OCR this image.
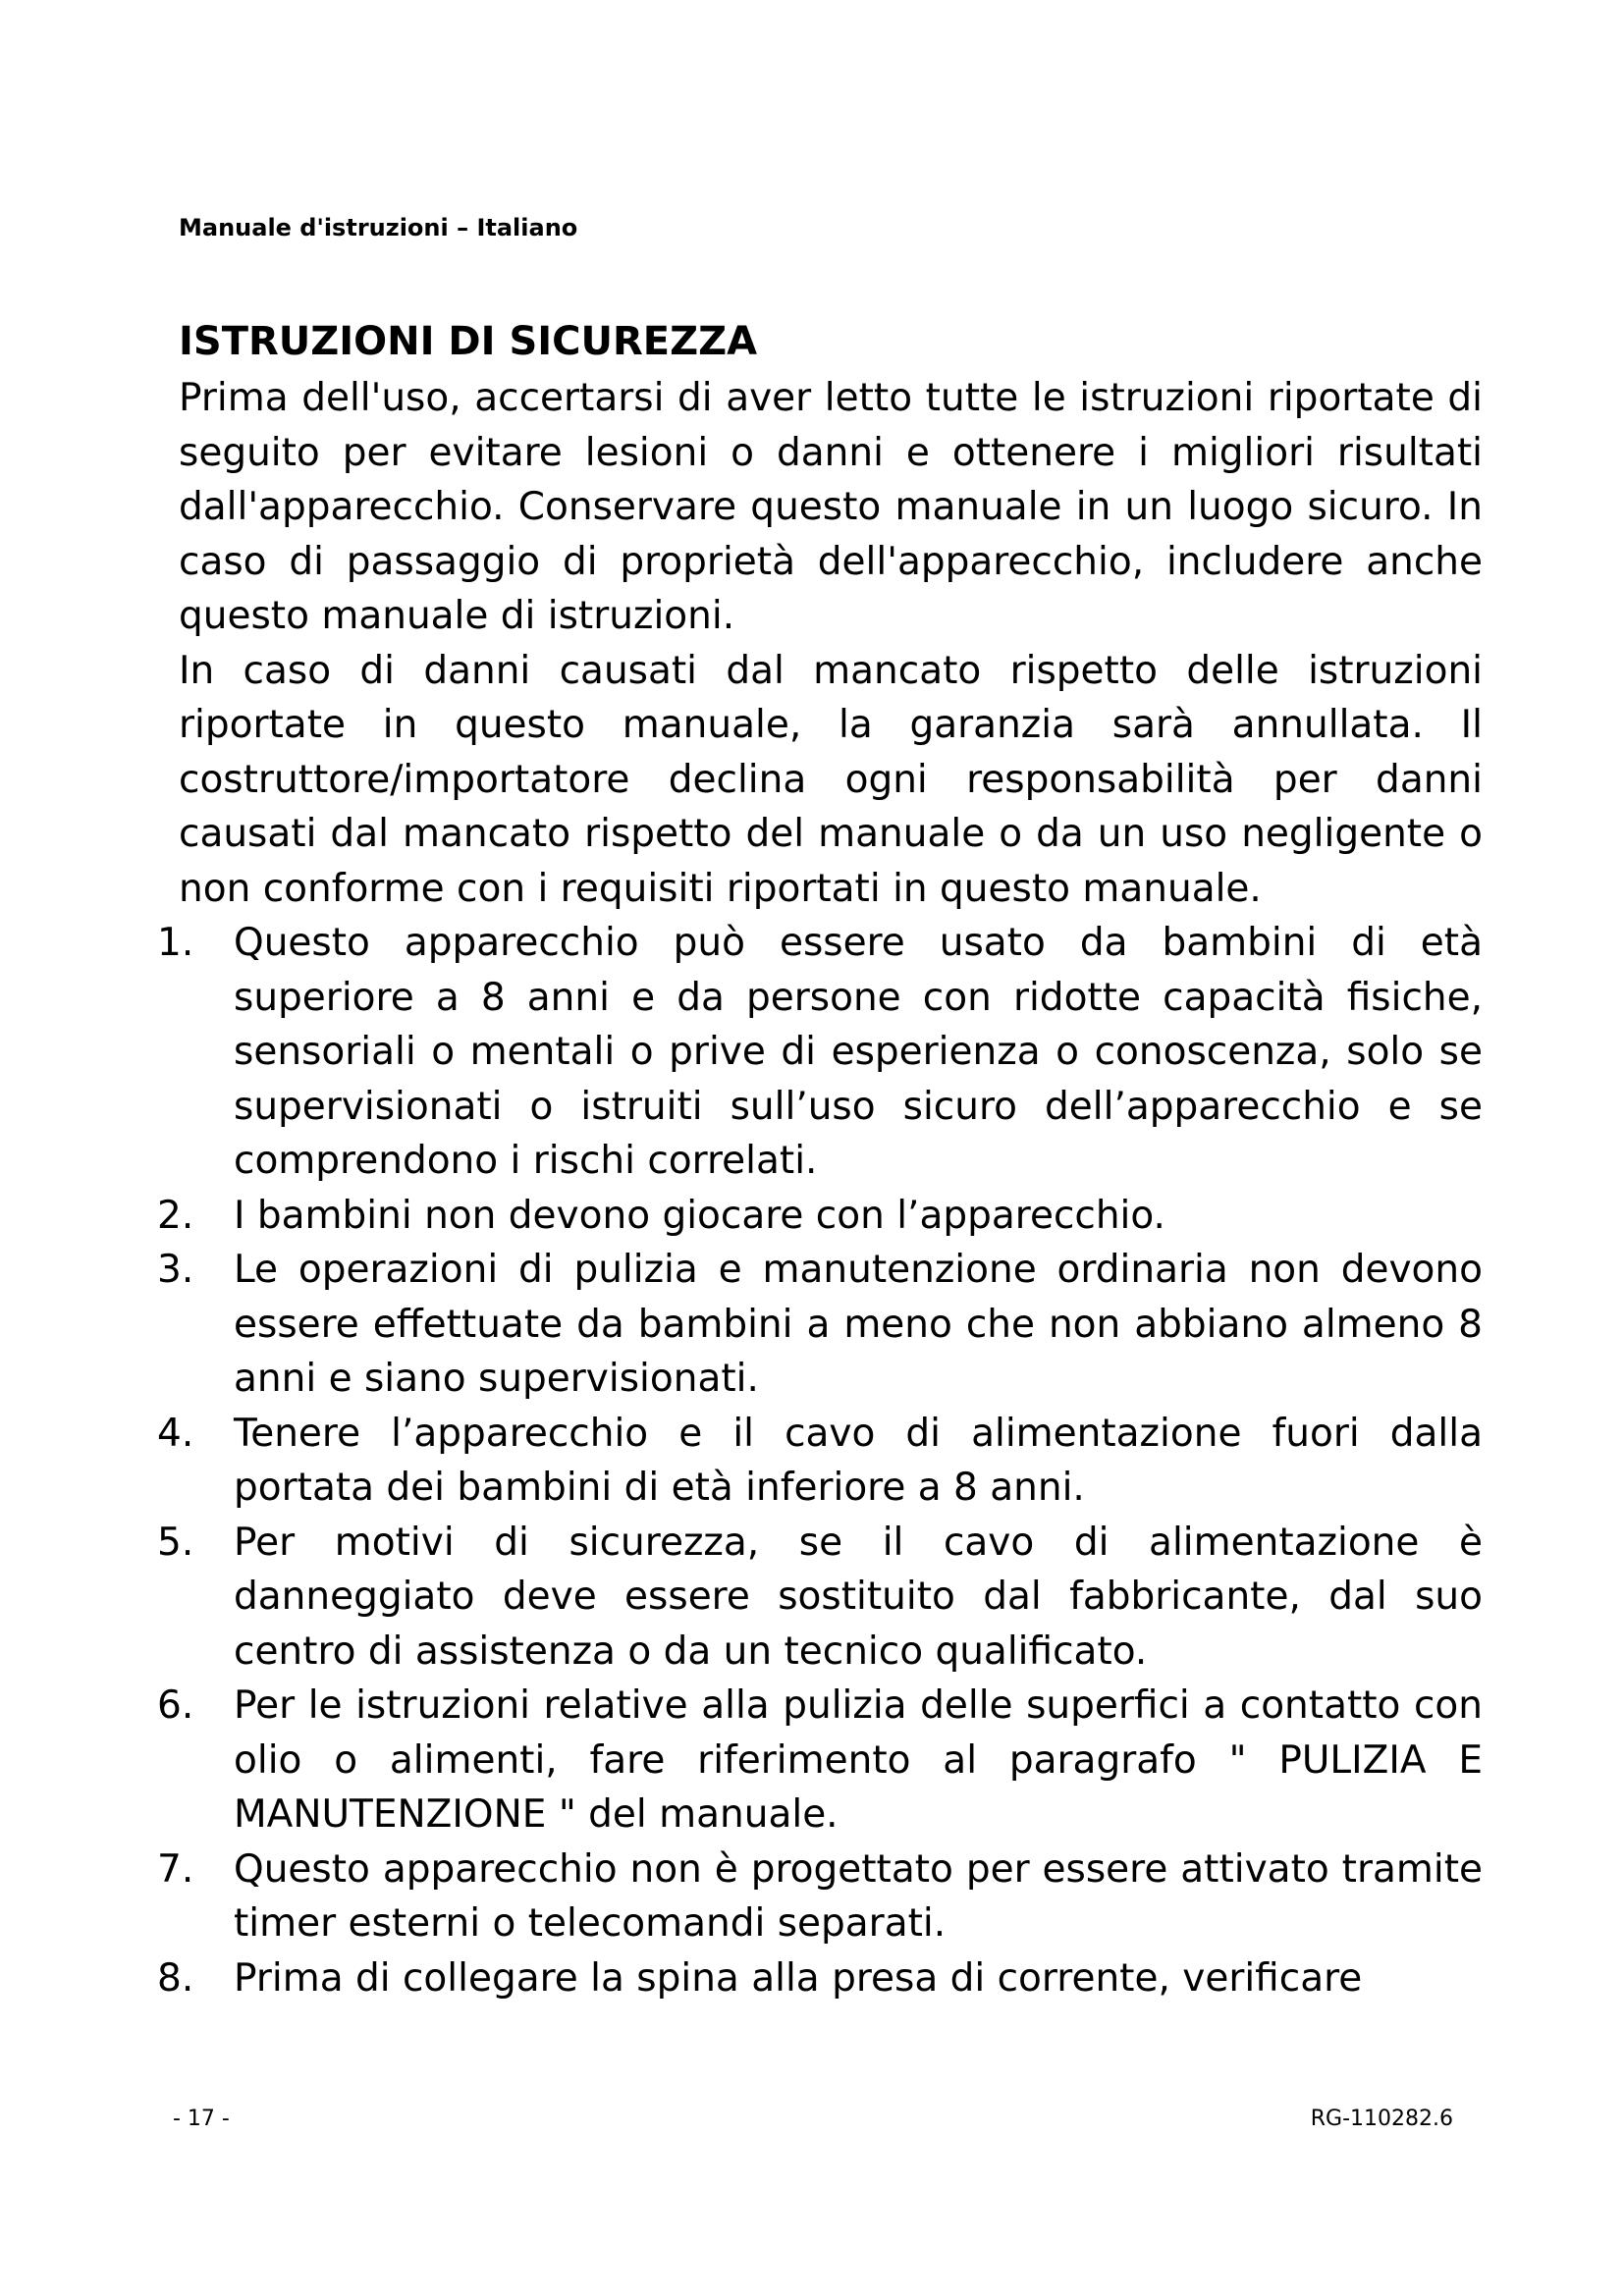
Manuale d'istruzioni – Italiano
ISTRUZIONI DI SICUREZZA

Prima dell'uso, accertarsi di aver letto tutte le istruzioni riportate di seguito per evitare lesioni o danni e ottenere i migliori risultati dall'apparecchio. Conservare questo manuale in un luogo sicuro. In caso di passaggio di proprietà dell'apparecchio, includere anche questo manuale di istruzioni.

In caso di danni causati dal mancato rispetto delle istruzioni riportate in questo manuale, la garanzia sarà annullata. Il costruttore/importatore declina ogni responsabilità per danni causati dal mancato rispetto del manuale o da un uso negligente o non conforme con i requisiti riportati in questo manuale.

1.	Questo apparecchio può essere usato da bambini di età superiore a 8 anni e da persone con ridotte capacità fisiche, sensoriali o mentali o prive di esperienza o conoscenza, solo se supervisionati o istruiti sull’uso sicuro dell’apparecchio e se comprendono i rischi correlati.
2.	I bambini non devono giocare con l’apparecchio.
3.	Le operazioni di pulizia e manutenzione ordinaria non devono essere effettuate da bambini a meno che non abbiano almeno 8 anni e siano supervisionati.
4.	Tenere l’apparecchio e il cavo di alimentazione fuori dalla portata dei bambini di età inferiore a 8 anni.
5.	Per motivi di sicurezza, se il cavo di alimentazione è danneggiato deve essere sostituito dal fabbricante, dal suo centro di assistenza o da un tecnico qualificato.
6.	Per le istruzioni relative alla pulizia delle superfici a contatto con olio o alimenti, fare riferimento al paragrafo " PULIZIA E MANUTENZIONE " del manuale.
7.	Questo apparecchio non è progettato per essere attivato tramite timer esterni o telecomandi separati.
8.	Prima di collegare la spina alla presa di corrente, verificare
- 17 -	RG-110282.6
